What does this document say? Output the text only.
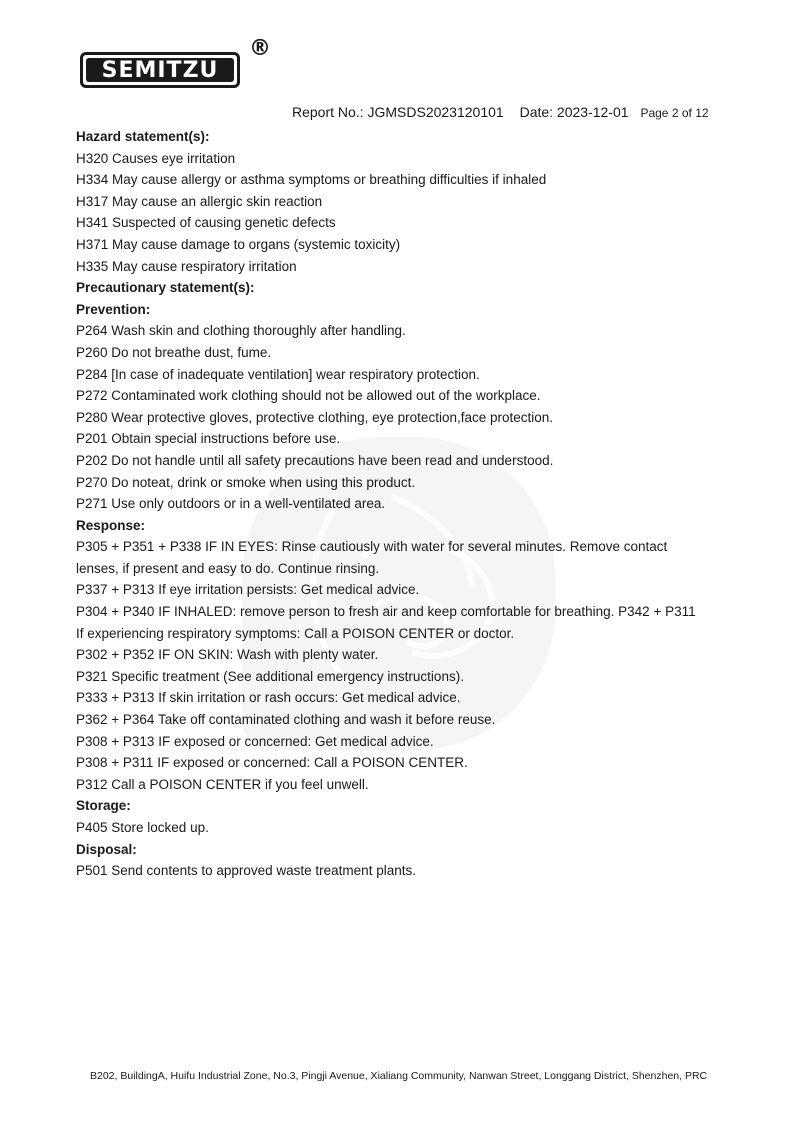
SEMITZU
®
Report No.: JGMSDS2023120101 Date: 2023-12-01 Page 2 of 12
Hazard statement(s):
H320 Causes eye irritation
H334 May cause allergy or asthma symptoms or breathing difficulties if inhaled
H317 May cause an allergic skin reaction
H341 Suspected of causing genetic defects
H371 May cause damage to organs (systemic toxicity)
H335 May cause respiratory irritation
Precautionary statement(s):
Prevention:
P264 Wash skin and clothing thoroughly after handling.
P260 Do not breathe dust, fume.
P284 [In case of inadequate ventilation] wear respiratory protection.
P272 Contaminated work clothing should not be allowed out of the workplace.
P280 Wear protective gloves, protective clothing, eye protection,face protection.
P201 Obtain special instructions before use.
P202 Do not handle until all safety precautions have been read and understood.
P270 Do noteat, drink or smoke when using this product.
P271 Use only outdoors or in a well-ventilated area.
Response:
P305 + P351 + P338 IF IN EYES: Rinse cautiously with water for several minutes. Remove contact lenses, if present and easy to do. Continue rinsing.
P337 + P313 If eye irritation persists: Get medical advice.
P304 + P340 IF INHALED: remove person to fresh air and keep comfortable for breathing. P342 + P311 If experiencing respiratory symptoms: Call a POISON CENTER or doctor.
P302 + P352 IF ON SKIN: Wash with plenty water.
P321 Specific treatment (See additional emergency instructions).
P333 + P313 If skin irritation or rash occurs: Get medical advice.
P362 + P364 Take off contaminated clothing and wash it before reuse.
P308 + P313 IF exposed or concerned: Get medical advice.
P308 + P311 IF exposed or concerned: Call a POISON CENTER.
P312 Call a POISON CENTER if you feel unwell.
Storage:
P405 Store locked up.
Disposal:
P501 Send contents to approved waste treatment plants.
B202, BuildingA, Huifu Industrial Zone, No.3, Pingji Avenue, Xialiang Community, Nanwan Street, Longgang District, Shenzhen, PRC
